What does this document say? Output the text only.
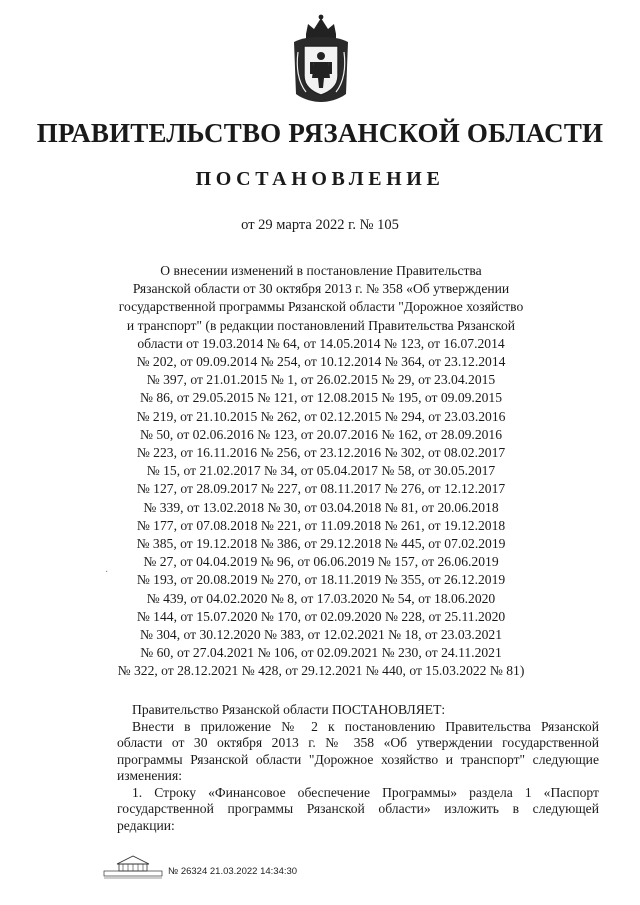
ПРАВИТЕЛЬСТВО РЯЗАНСКОЙ ОБЛАСТИ
ПОСТАНОВЛЕНИЕ
от 29 марта 2022 г. № 105
О внесении изменений в постановление Правительства
Рязанской области от 30 октября 2013 г. № 358 «Об утверждении
государственной программы Рязанской области "Дорожное хозяйство
и транспорт" (в редакции постановлений Правительства Рязанской
области от 19.03.2014 № 64, от 14.05.2014 № 123, от 16.07.2014
№ 202, от 09.09.2014 № 254, от 10.12.2014 № 364, от 23.12.2014
№ 397, от 21.01.2015 № 1, от 26.02.2015 № 29, от 23.04.2015
№ 86, от 29.05.2015 № 121, от 12.08.2015 № 195, от 09.09.2015
№ 219, от 21.10.2015 № 262, от 02.12.2015 № 294, от 23.03.2016
№ 50, от 02.06.2016 № 123, от 20.07.2016 № 162, от 28.09.2016
№ 223, от 16.11.2016 № 256, от 23.12.2016 № 302, от 08.02.2017
№ 15, от 21.02.2017 № 34, от 05.04.2017 № 58, от 30.05.2017
№ 127, от 28.09.2017 № 227, от 08.11.2017 № 276, от 12.12.2017
№ 339, от 13.02.2018 № 30, от 03.04.2018 № 81, от 20.06.2018
№ 177, от 07.08.2018 № 221, от 11.09.2018 № 261, от 19.12.2018
№ 385, от 19.12.2018 № 386, от 29.12.2018 № 445, от 07.02.2019
№ 27, от 04.04.2019 № 96, от 06.06.2019 № 157, от 26.06.2019
№ 193, от 20.08.2019 № 270, от 18.11.2019 № 355, от 26.12.2019
№ 439, от 04.02.2020 № 8, от 17.03.2020 № 54, от 18.06.2020
№ 144, от 15.07.2020 № 170, от 02.09.2020 № 228, от 25.11.2020
№ 304, от 30.12.2020 № 383, от 12.02.2021 № 18, от 23.03.2021
№ 60, от 27.04.2021 № 106, от 02.09.2021 № 230, от 24.11.2021
№ 322, от 28.12.2021 № 428, от 29.12.2021 № 440, от 15.03.2022 № 81)
·

Правительство Рязанской области ПОСТАНОВЛЯЕТ:

Внести в приложение № 2 к постановлению Правительства Рязанской
области от 30 октября 2013 г. № 358 «Об утверждении государственной
программы Рязанской области "Дорожное хозяйство и транспорт" следующие
изменения:

1. Строку «Финансовое обеспечение Программы» раздела 1 «Паспорт
государственной программы Рязанской области» изложить в следующей
редакции:

№ 26324 21.03.2022 14:34:30
